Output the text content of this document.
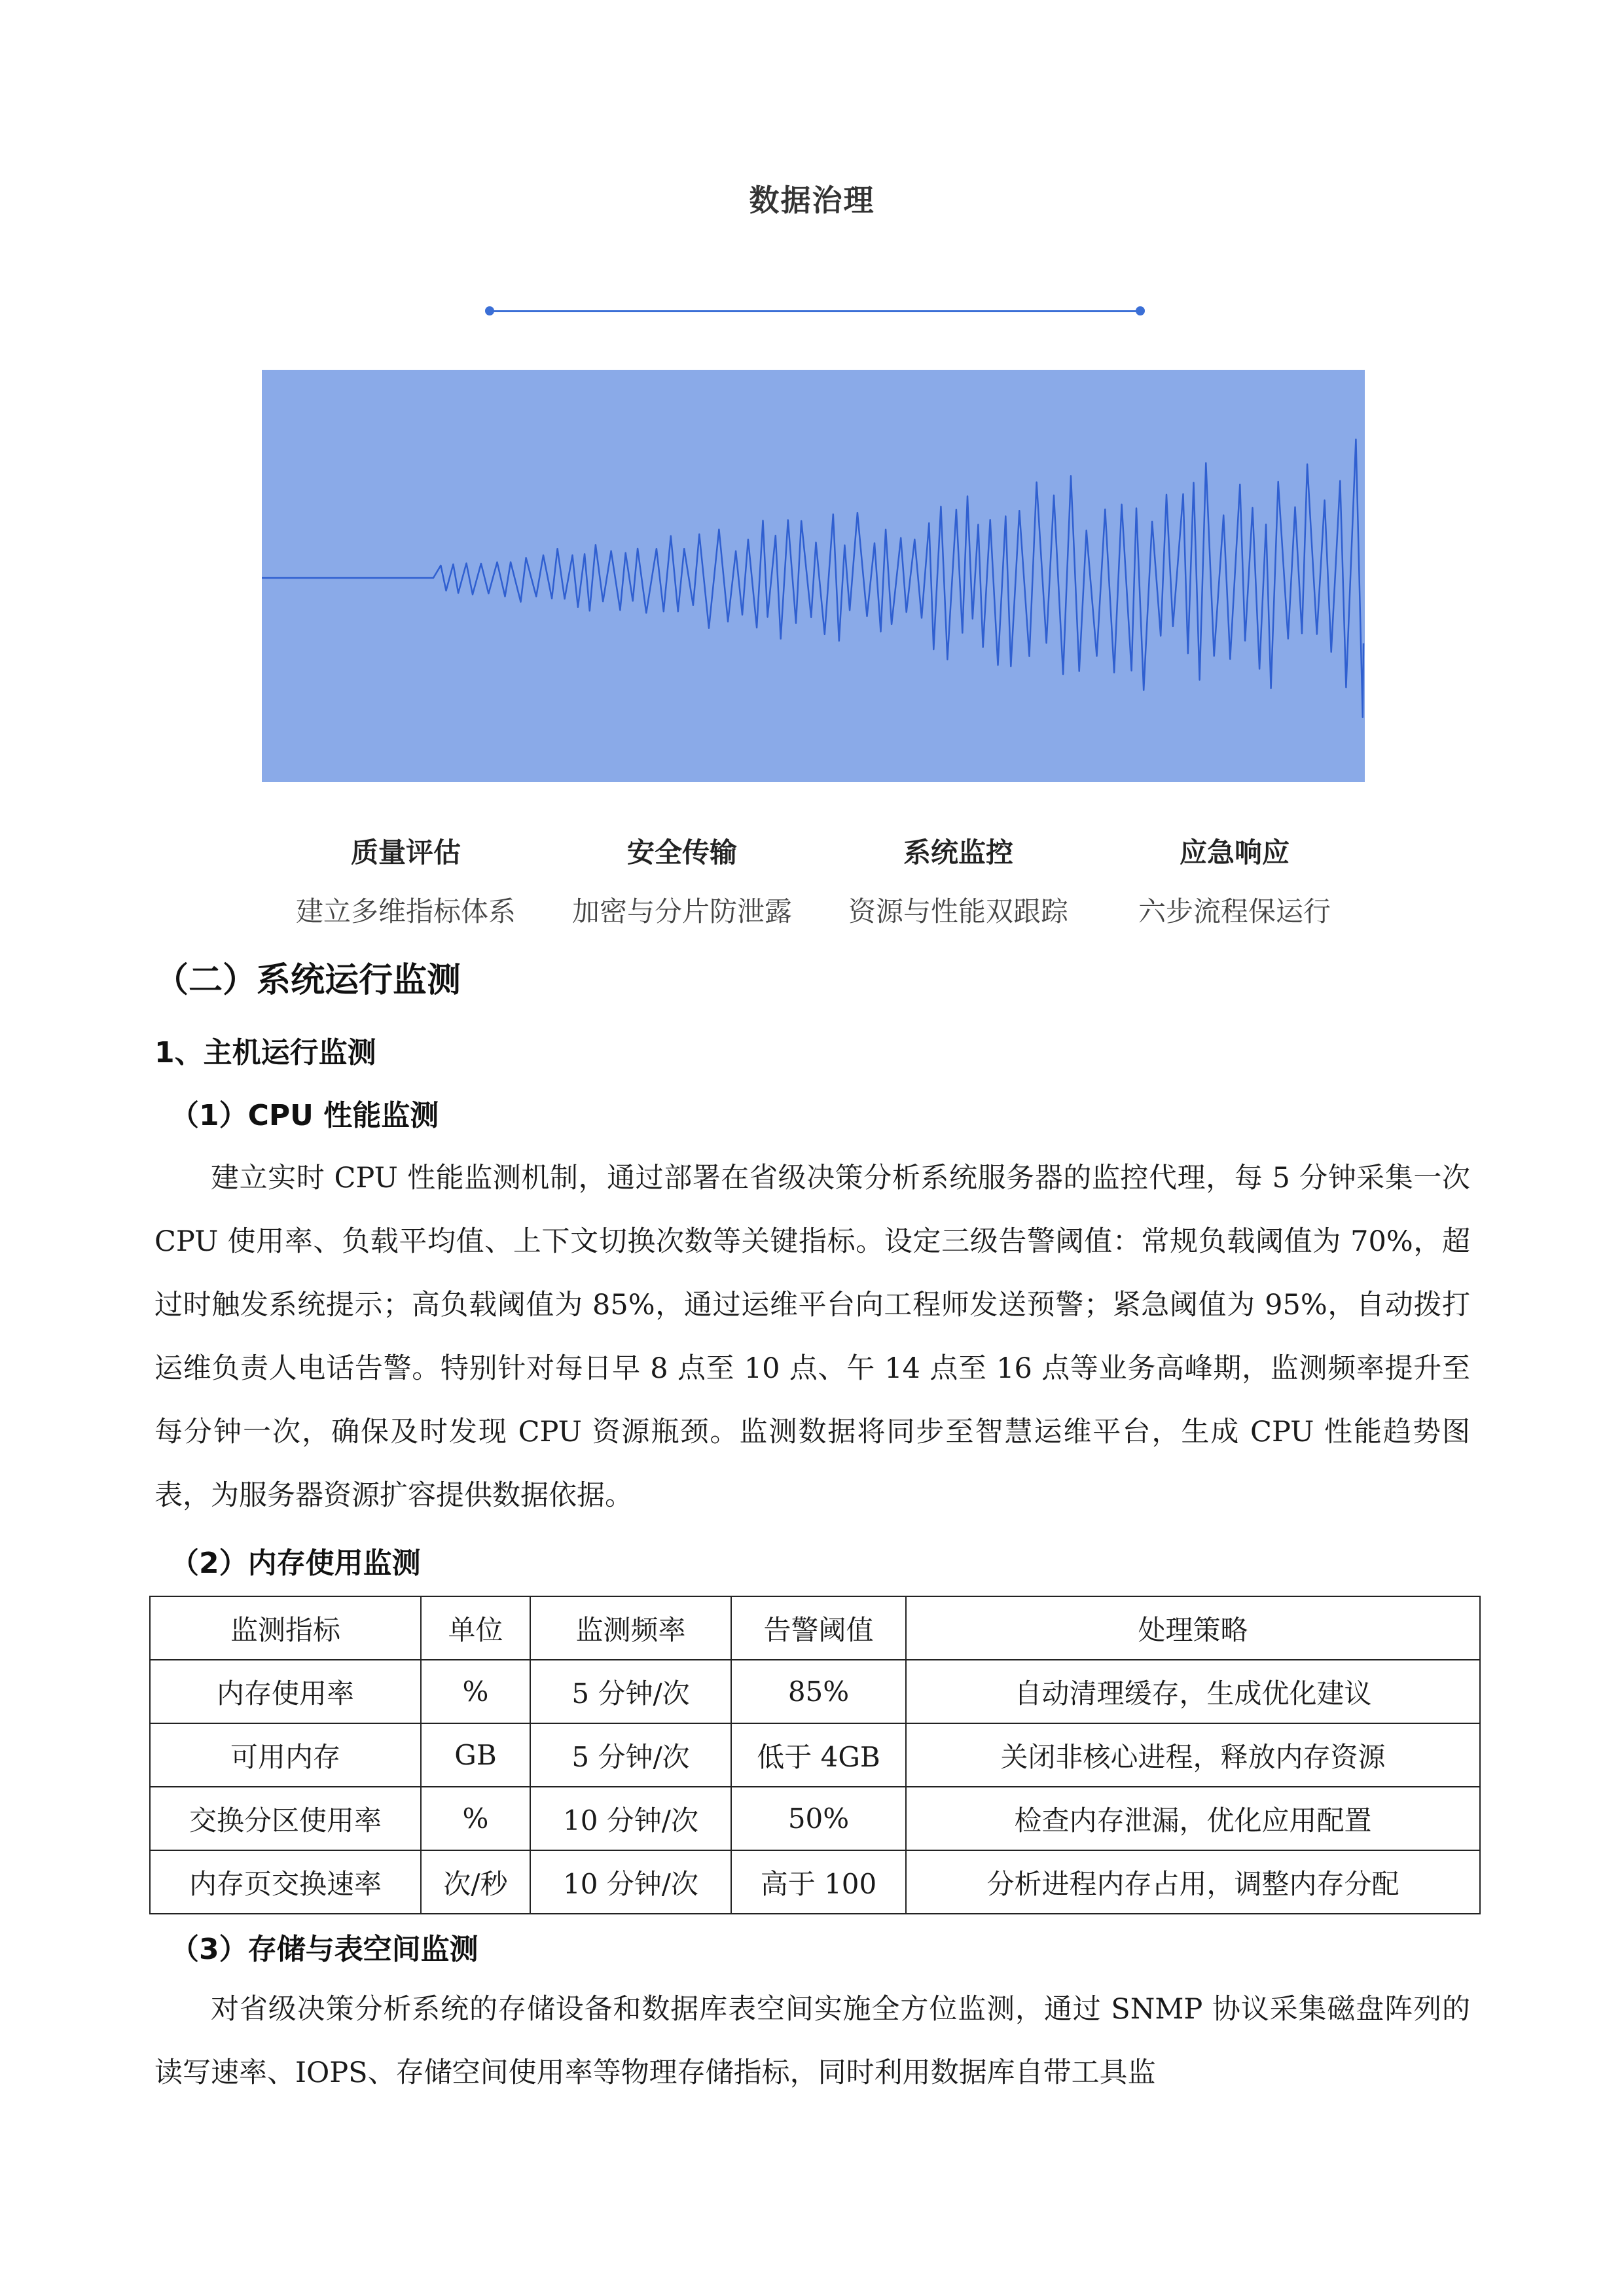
数据治理
质量评估	安全传输	系统监控	应急响应
建立多维指标体系	加密与分片防泄露	资源与性能双跟踪	六步流程保运行
（二）系统运行监测
1、主机运行监测
（1）CPU 性能监测
建立实时 CPU 性能监测机制，通过部署在省级决策分析系统服务器的监控代理，每 5 分钟采集一次 CPU 使用率、负载平均值、上下文切换次数等关键指标。设定三级告警阈值：常规负载阈值为 70%，超过时触发系统提示；高负载阈值为 85%，通过运维平台向工程师发送预警；紧急阈值为 95%，自动拨打运维负责人电话告警。特别针对每日早 8 点至 10 点、午 14 点至 16 点等业务高峰期，监测频率提升至每分钟一次，确保及时发现 CPU 资源瓶颈。监测数据将同步至智慧运维平台，生成 CPU 性能趋势图表，为服务器资源扩容提供数据依据。
（2）内存使用监测
监测指标	单位	监测频率	告警阈值	处理策略
内存使用率	%	5 分钟/次	85%	自动清理缓存，生成优化建议
可用内存	GB	5 分钟/次	低于 4GB	关闭非核心进程，释放内存资源
交换分区使用率	%	10 分钟/次	50%	检查内存泄漏，优化应用配置
内存页交换速率	次/秒	10 分钟/次	高于 100	分析进程内存占用，调整内存分配
（3）存储与表空间监测
对省级决策分析系统的存储设备和数据库表空间实施全方位监测，通过 SNMP 协议采集磁盘阵列的读写速率、IOPS、存储空间使用率等物理存储指标，同时利用数据库自带工具监
